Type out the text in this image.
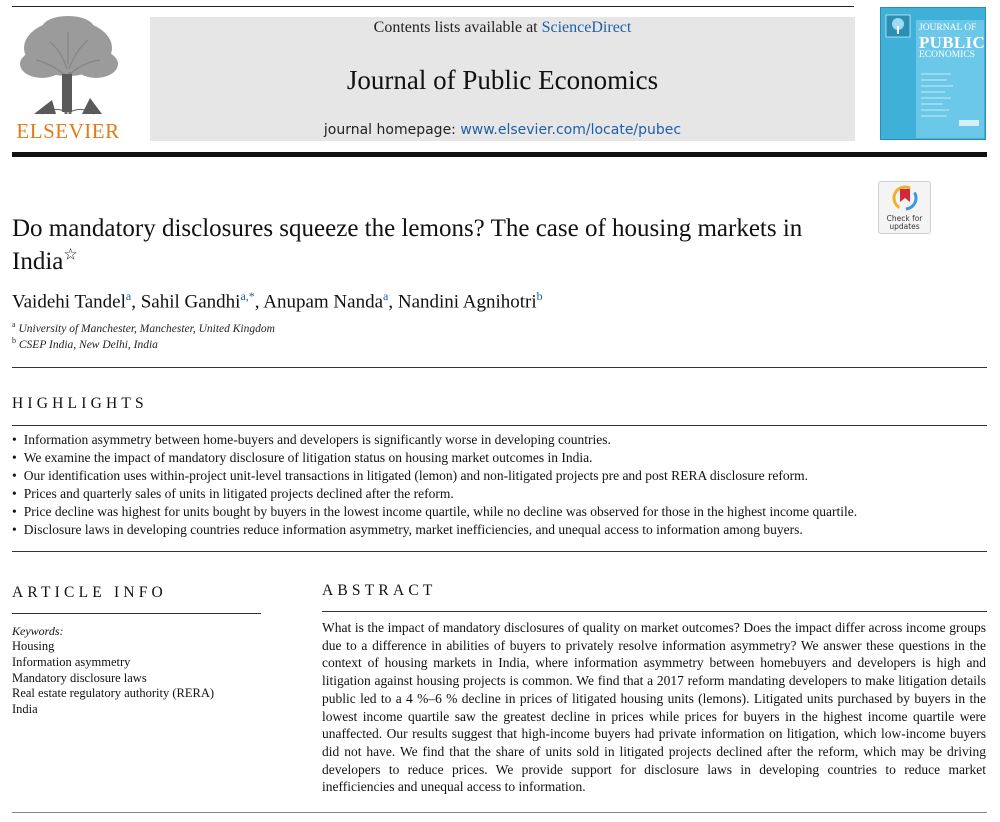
ELSEVIER
Contents lists available at ScienceDirect
Journal of Public Economics
journal homepage: www.elsevier.com/locate/pubec
JOURNAL OF
PUBLIC
ECONOMICS
Check for
updates
Do mandatory disclosures squeeze the lemons? The case of housing markets in India☆
Vaidehi Tandel$^a$, Sahil Gandhi$^{a,*}$, Anupam Nanda$^a$, Nandini Agnihotri$^b$
$^a$ University of Manchester, Manchester, United Kingdom
$^b$ CSEP India, New Delhi, India
HIGHLIGHTS
• Information asymmetry between home-buyers and developers is significantly worse in developing countries.
• We examine the impact of mandatory disclosure of litigation status on housing market outcomes in India.
• Our identification uses within-project unit-level transactions in litigated (lemon) and non-litigated projects pre and post RERA disclosure reform.
• Prices and quarterly sales of units in litigated projects declined after the reform.
• Price decline was highest for units bought by buyers in the lowest income quartile, while no decline was observed for those in the highest income quartile.
• Disclosure laws in developing countries reduce information asymmetry, market inefficiencies, and unequal access to information among buyers.
ARTICLE INFO
Keywords:
Housing
Information asymmetry
Mandatory disclosure laws
Real estate regulatory authority (RERA)
India
ABSTRACT

What is the impact of mandatory disclosures of quality on market outcomes? Does the impact differ across income groups due to a difference in abilities of buyers to privately resolve information asymmetry? We answer these questions in the context of housing markets in India, where information asymmetry between homebuyers and developers is high and litigation against housing projects is common. We find that a 2017 reform mandating developers to make litigation details public led to a 4 %–6 % decline in prices of litigated housing units (lemons). Litigated units purchased by buyers in the lowest income quartile saw the greatest decline in prices while prices for buyers in the highest income quartile were unaffected. Our results suggest that high-income buyers had private information on litigation, which low-income buyers did not have. We find that the share of units sold in litigated projects declined after the reform, which may be driving developers to reduce prices. We provide support for disclosure laws in developing countries to reduce market inefficiencies and unequal access to information.
